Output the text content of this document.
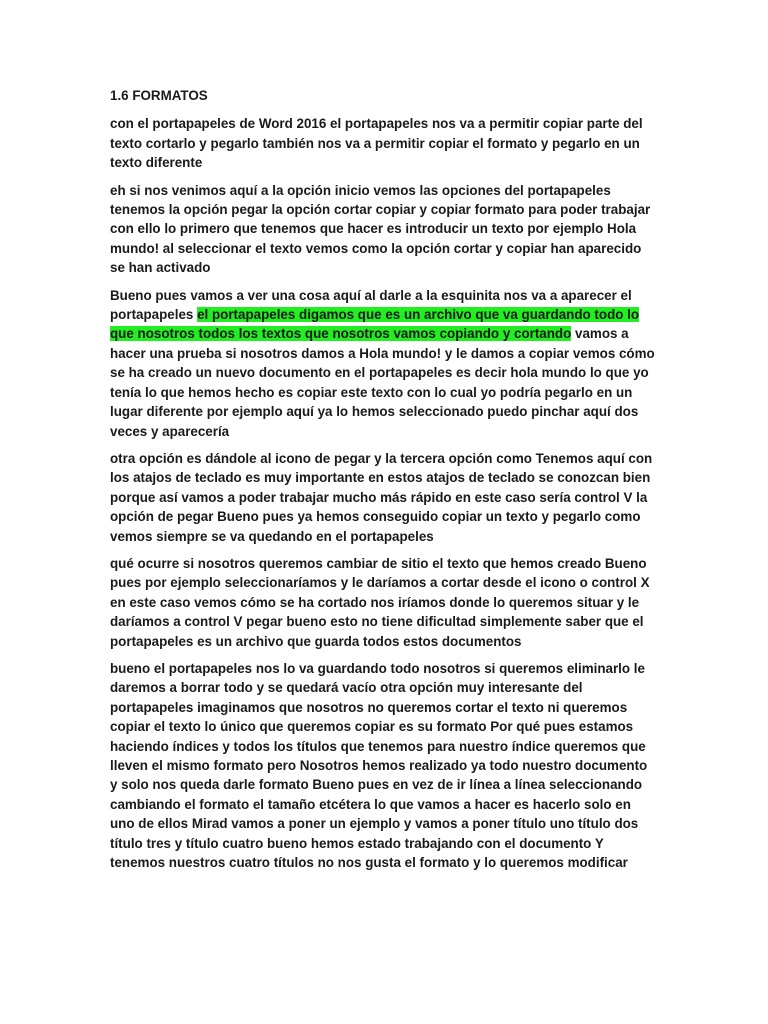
1.6 FORMATOS

con el portapapeles de Word 2016 el portapapeles nos va a permitir copiar parte del texto cortarlo y pegarlo también nos va a permitir copiar el formato y pegarlo en un texto diferente

eh si nos venimos aquí a la opción inicio vemos las opciones del portapapeles tenemos la opción pegar la opción cortar copiar y copiar formato para poder trabajar con ello lo primero que tenemos que hacer es introducir un texto por ejemplo Hola mundo! al seleccionar el texto vemos como la opción cortar y copiar han aparecido se han activado

Bueno pues vamos a ver una cosa aquí al darle a la esquinita nos va a aparecer el portapapeles el portapapeles digamos que es un archivo que va guardando todo lo que nosotros todos los textos que nosotros vamos copiando y cortando vamos a hacer una prueba si nosotros damos a Hola mundo! y le damos a copiar vemos cómo se ha creado un nuevo documento en el portapapeles es decir hola mundo lo que yo tenía lo que hemos hecho es copiar este texto con lo cual yo podría pegarlo en un lugar diferente por ejemplo aquí ya lo hemos seleccionado puedo pinchar aquí dos veces y aparecería

otra opción es dándole al icono de pegar y la tercera opción como Tenemos aquí con los atajos de teclado es muy importante en estos atajos de teclado se conozcan bien porque así vamos a poder trabajar mucho más rápido en este caso sería control V la opción de pegar Bueno pues ya hemos conseguido copiar un texto y pegarlo como vemos siempre se va quedando en el portapapeles

qué ocurre si nosotros queremos cambiar de sitio el texto que hemos creado Bueno pues por ejemplo seleccionaríamos y le daríamos a cortar desde el icono o control X en este caso vemos cómo se ha cortado nos iríamos donde lo queremos situar y le daríamos a control V pegar bueno esto no tiene dificultad simplemente saber que el portapapeles es un archivo que guarda todos estos documentos

bueno el portapapeles nos lo va guardando todo nosotros si queremos eliminarlo le daremos a borrar todo y se quedará vacío otra opción muy interesante del portapapeles imaginamos que nosotros no queremos cortar el texto ni queremos copiar el texto lo único que queremos copiar es su formato Por qué pues estamos haciendo índices y todos los títulos que tenemos para nuestro índice queremos que lleven el mismo formato pero Nosotros hemos realizado ya todo nuestro documento y solo nos queda darle formato Bueno pues en vez de ir línea a línea seleccionando cambiando el formato el tamaño etcétera lo que vamos a hacer es hacerlo solo en uno de ellos Mirad vamos a poner un ejemplo y vamos a poner título uno título dos título tres y título cuatro bueno hemos estado trabajando con el documento Y tenemos nuestros cuatro títulos no nos gusta el formato y lo queremos modificar
